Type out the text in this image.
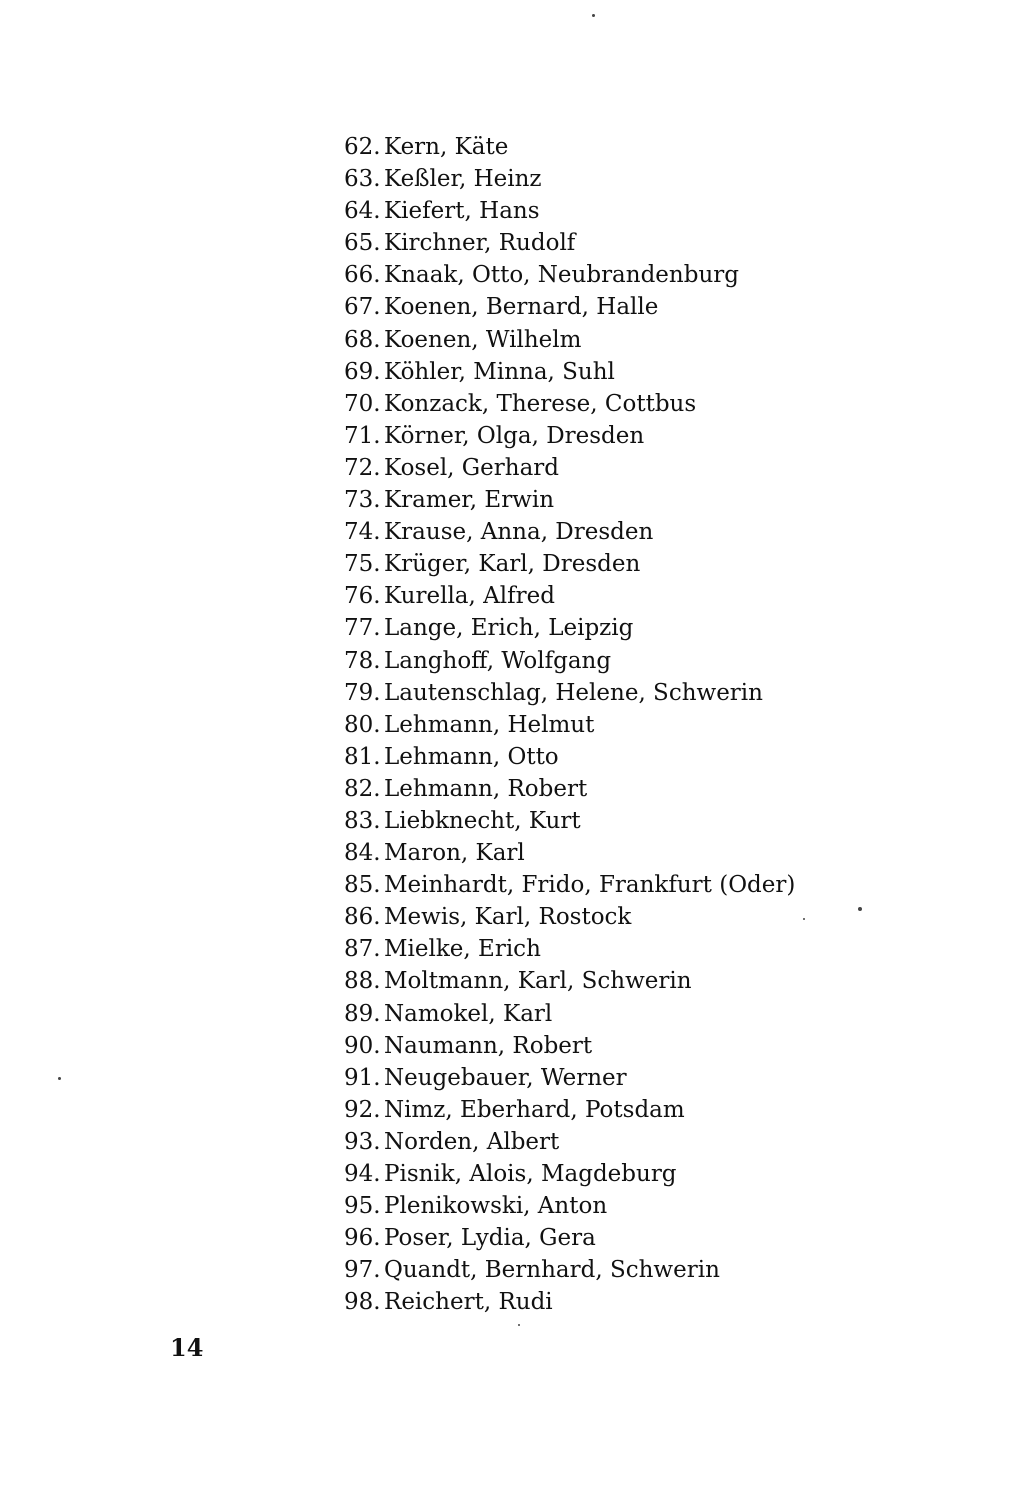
62. Kern, Käte
63. Keßler, Heinz
64. Kiefert, Hans
65. Kirchner, Rudolf
66. Knaak, Otto, Neubrandenburg
67. Koenen, Bernard, Halle
68. Koenen, Wilhelm
69. Köhler, Minna, Suhl
70. Konzack, Therese, Cottbus
71. Körner, Olga, Dresden
72. Kosel, Gerhard
73. Kramer, Erwin
74. Krause, Anna, Dresden
75. Krüger, Karl, Dresden
76. Kurella, Alfred
77. Lange, Erich, Leipzig
78. Langhoff, Wolfgang
79. Lautenschlag, Helene, Schwerin
80. Lehmann, Helmut
81. Lehmann, Otto
82. Lehmann, Robert
83. Liebknecht, Kurt
84. Maron, Karl
85. Meinhardt, Frido, Frankfurt (Oder)
86. Mewis, Karl, Rostock
87. Mielke, Erich
88. Moltmann, Karl, Schwerin
89. Namokel, Karl
90. Naumann, Robert
91. Neugebauer, Werner
92. Nimz, Eberhard, Potsdam
93. Norden, Albert
94. Pisnik, Alois, Magdeburg
95. Plenikowski, Anton
96. Poser, Lydia, Gera
97. Quandt, Bernhard, Schwerin
98. Reichert, Rudi
14
